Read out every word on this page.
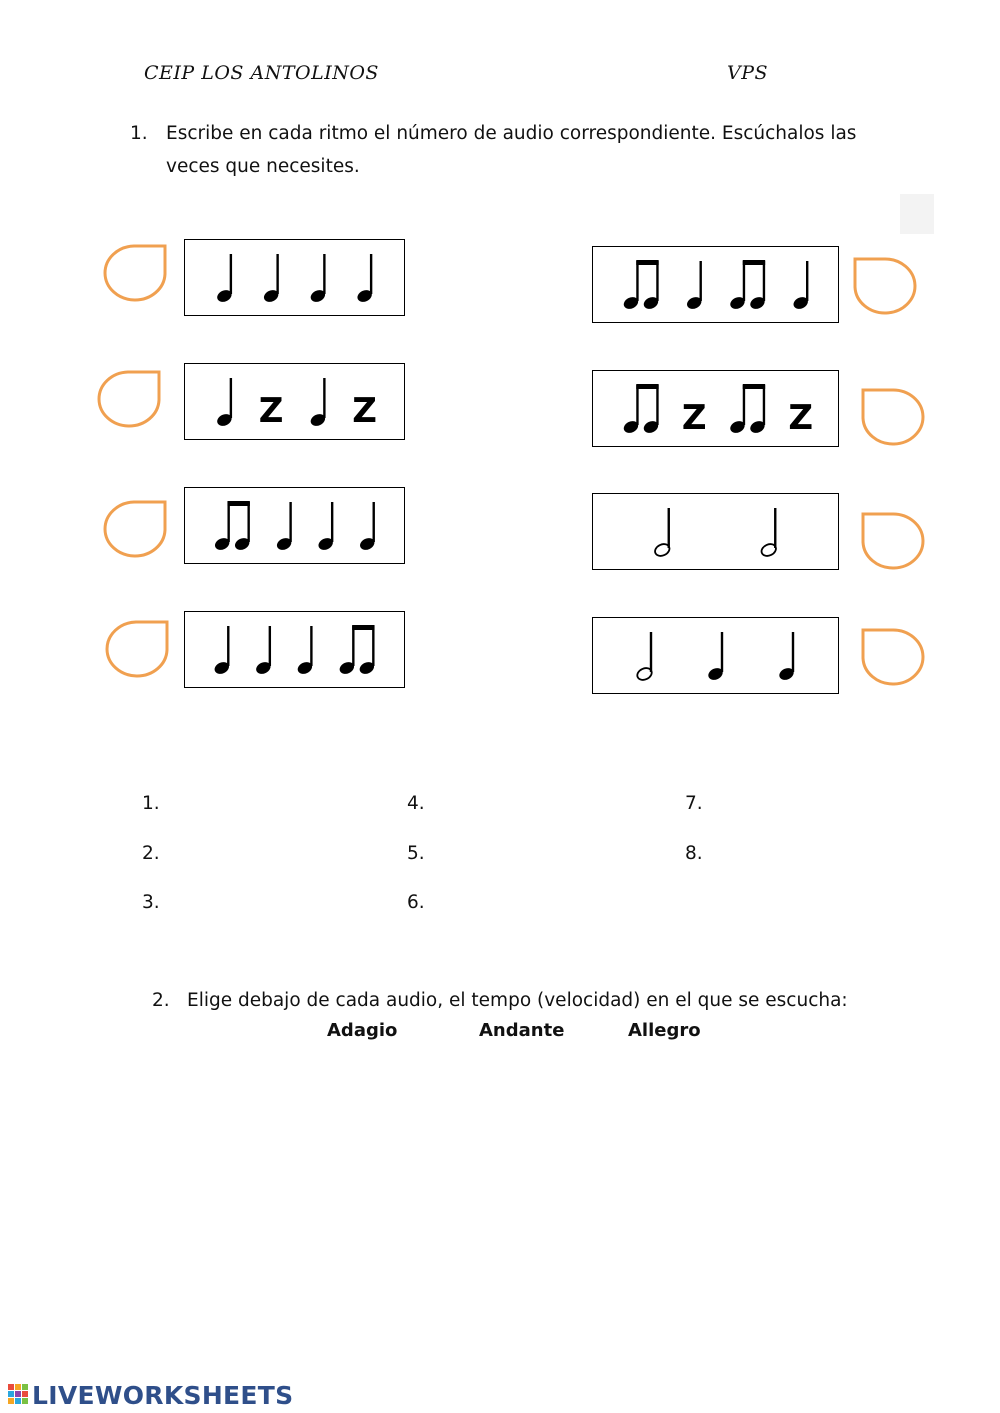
CEIP LOS ANTOLINOS	VPS
1. Escribe en cada ritmo el número de audio correspondiente. Escúchalos las
veces que necesites.
Z Z	Z Z
1.
2.
3.
4.
5.
6.
7.
8.
2. Elige debajo de cada audio, el tempo (velocidad) en el que se escucha:
Adagio	Andante	Allegro
LIVEWORKSHEETS
